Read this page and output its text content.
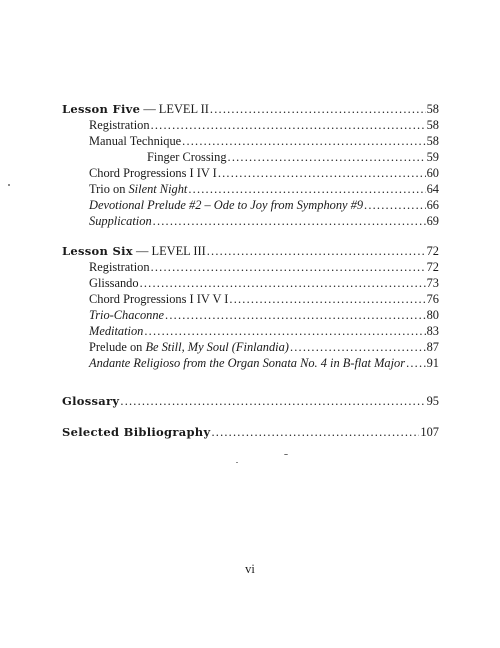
Lesson Five — LEVEL II .....	58
Registration .....	58
Manual Technique .....	58
Finger Crossing .....	59
Chord Progressions I IV I .....	60
Trio on Silent Night .....	64
Devotional Prelude #2 – Ode to Joy from Symphony #9 .....	66
Supplication .....	69
Lesson Six — LEVEL III .....	72
Registration .....	72
Glissando .....	73
Chord Progressions I IV V I .....	76
Trio-Chaconne .....	80
Meditation .....	83
Prelude on Be Still, My Soul (Finlandia) .....	87
Andante Religioso from the Organ Sonata No. 4 in B-flat Major ..... 91
Glossary .....	95
Selected Bibliography .....	107
vi
